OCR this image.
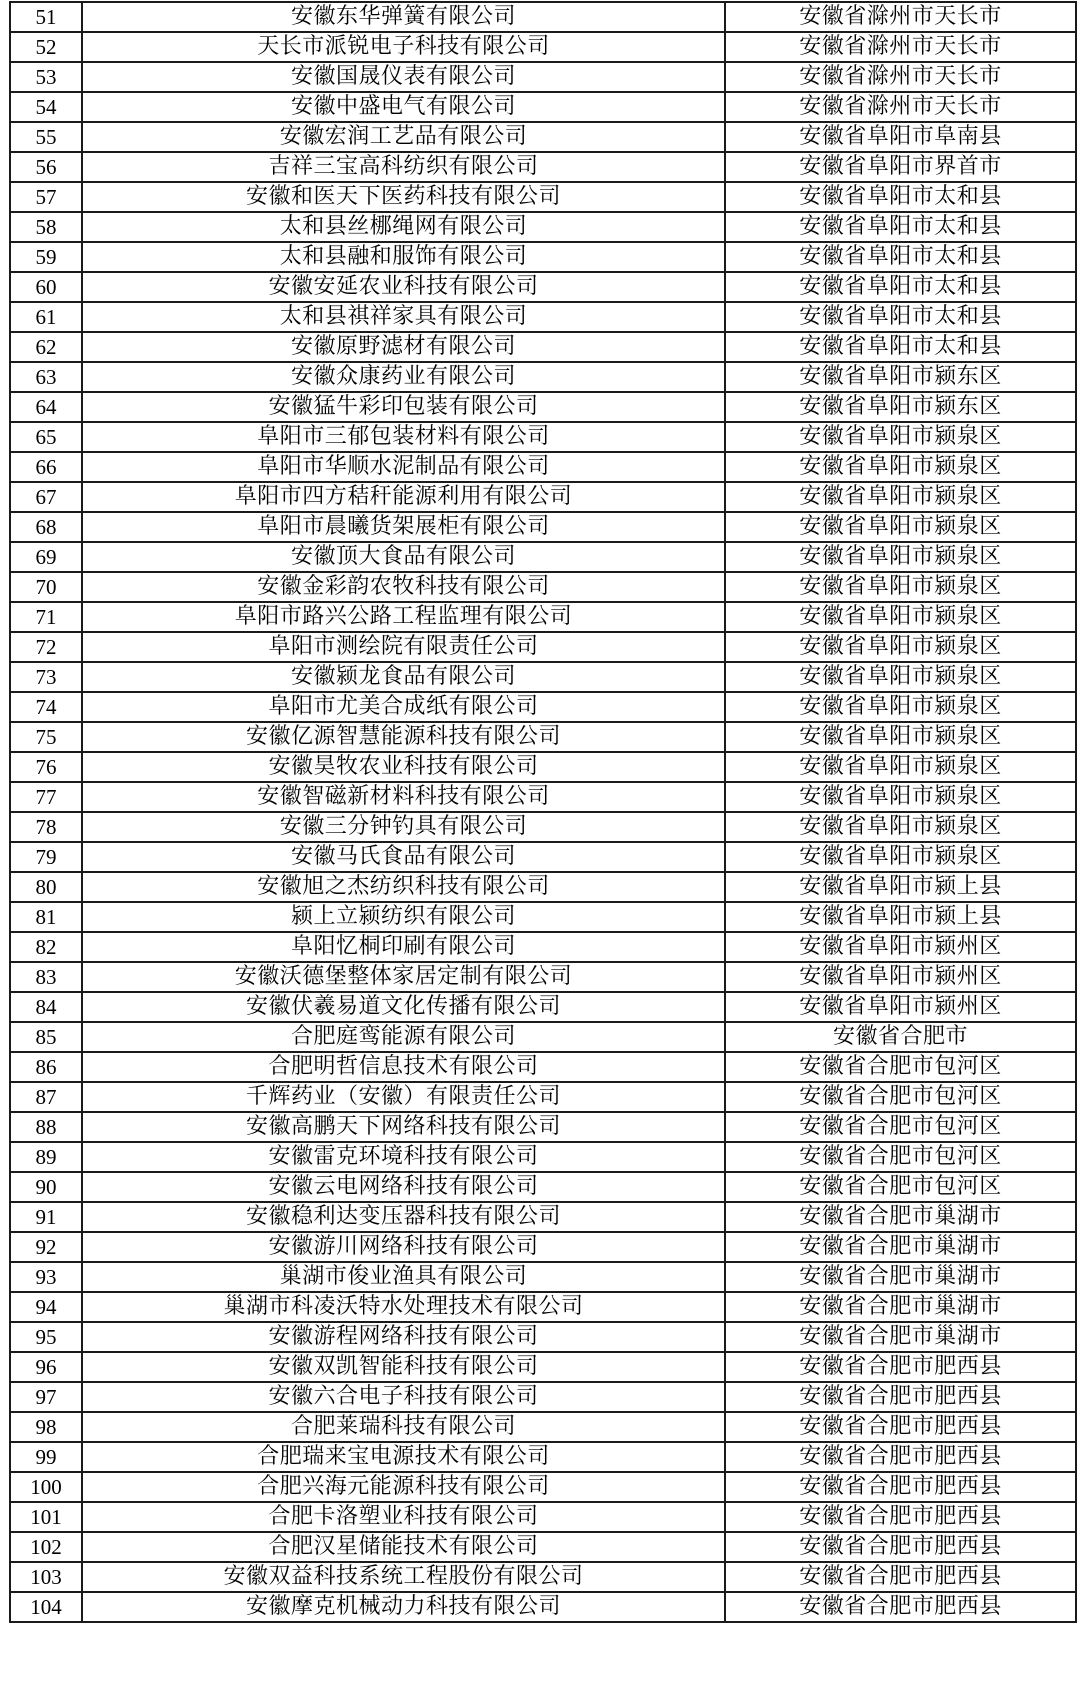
51	安徽东华弹簧有限公司	安徽省滁州市天长市
52	天长市派锐电子科技有限公司	安徽省滁州市天长市
53	安徽国晟仪表有限公司	安徽省滁州市天长市
54	安徽中盛电气有限公司	安徽省滁州市天长市
55	安徽宏润工艺品有限公司	安徽省阜阳市阜南县
56	吉祥三宝高科纺织有限公司	安徽省阜阳市界首市
57	安徽和医天下医药科技有限公司	安徽省阜阳市太和县
58	太和县丝梛绳网有限公司	安徽省阜阳市太和县
59	太和县融和服饰有限公司	安徽省阜阳市太和县
60	安徽安延农业科技有限公司	安徽省阜阳市太和县
61	太和县祺祥家具有限公司	安徽省阜阳市太和县
62	安徽原野滤材有限公司	安徽省阜阳市太和县
63	安徽众康药业有限公司	安徽省阜阳市颍东区
64	安徽猛牛彩印包装有限公司	安徽省阜阳市颍东区
65	阜阳市三郁包装材料有限公司	安徽省阜阳市颍泉区
66	阜阳市华顺水泥制品有限公司	安徽省阜阳市颍泉区
67	阜阳市四方秸秆能源利用有限公司	安徽省阜阳市颍泉区
68	阜阳市晨曦货架展柜有限公司	安徽省阜阳市颍泉区
69	安徽顶大食品有限公司	安徽省阜阳市颍泉区
70	安徽金彩韵农牧科技有限公司	安徽省阜阳市颍泉区
71	阜阳市路兴公路工程监理有限公司	安徽省阜阳市颍泉区
72	阜阳市测绘院有限责任公司	安徽省阜阳市颍泉区
73	安徽颍龙食品有限公司	安徽省阜阳市颍泉区
74	阜阳市尤美合成纸有限公司	安徽省阜阳市颍泉区
75	安徽亿源智慧能源科技有限公司	安徽省阜阳市颍泉区
76	安徽昊牧农业科技有限公司	安徽省阜阳市颍泉区
77	安徽智磁新材料科技有限公司	安徽省阜阳市颍泉区
78	安徽三分钟钓具有限公司	安徽省阜阳市颍泉区
79	安徽马氏食品有限公司	安徽省阜阳市颍泉区
80	安徽旭之杰纺织科技有限公司	安徽省阜阳市颍上县
81	颍上立颍纺织有限公司	安徽省阜阳市颍上县
82	阜阳忆桐印刷有限公司	安徽省阜阳市颍州区
83	安徽沃德堡整体家居定制有限公司	安徽省阜阳市颍州区
84	安徽伏羲易道文化传播有限公司	安徽省阜阳市颍州区
85	合肥庭鸾能源有限公司	安徽省合肥市
86	合肥明哲信息技术有限公司	安徽省合肥市包河区
87	千辉药业（安徽）有限责任公司	安徽省合肥市包河区
88	安徽高鹏天下网络科技有限公司	安徽省合肥市包河区
89	安徽雷克环境科技有限公司	安徽省合肥市包河区
90	安徽云电网络科技有限公司	安徽省合肥市包河区
91	安徽稳利达变压器科技有限公司	安徽省合肥市巢湖市
92	安徽游川网络科技有限公司	安徽省合肥市巢湖市
93	巢湖市俊业渔具有限公司	安徽省合肥市巢湖市
94	巢湖市科凌沃特水处理技术有限公司	安徽省合肥市巢湖市
95	安徽游程网络科技有限公司	安徽省合肥市巢湖市
96	安徽双凯智能科技有限公司	安徽省合肥市肥西县
97	安徽六合电子科技有限公司	安徽省合肥市肥西县
98	合肥莱瑞科技有限公司	安徽省合肥市肥西县
99	合肥瑞来宝电源技术有限公司	安徽省合肥市肥西县
100	合肥兴海元能源科技有限公司	安徽省合肥市肥西县
101	合肥卡洛塑业科技有限公司	安徽省合肥市肥西县
102	合肥汉星储能技术有限公司	安徽省合肥市肥西县
103	安徽双益科技系统工程股份有限公司	安徽省合肥市肥西县
104	安徽摩克机械动力科技有限公司	安徽省合肥市肥西县
